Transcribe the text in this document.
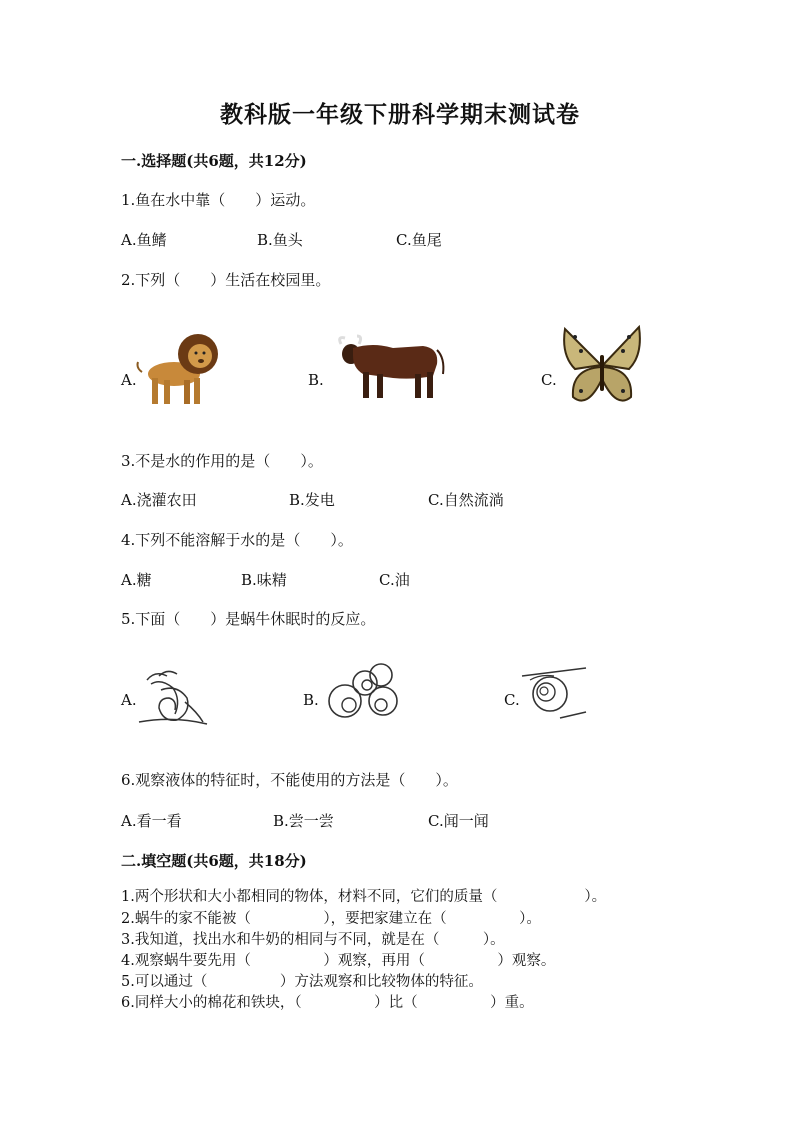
教科版一年级下册科学期末测试卷
一.选择题(共6题，共12分)
1.鱼在水中靠（　　）运动。
A.鱼鳍	B.鱼头	C.鱼尾
2.下列（　　）生活在校园里。
A.	B.	C.
3.不是水的作用的是（　　）。
A.浇灌农田	B.发电	C.自然流淌
4.下列不能溶解于水的是（　　）。
A.糖	B.味精	C.油
5.下面（　　）是蜗牛休眠时的反应。
A.	B.	C.
6.观察液体的特征时，不能使用的方法是（　　）。
A.看一看	B.尝一尝	C.闻一闻
二.填空题(共6题，共18分)
1.两个形状和大小都相同的物体，材料不同，它们的质量（　　　　　　）。
2.蜗牛的家不能被（　　　　　），要把家建立在（　　　　　）。
3.我知道，找出水和牛奶的相同与不同，就是在（　　　）。
4.观察蜗牛要先用（　　　　　）观察，再用（　　　　　）观察。
5.可以通过（　　　　　）方法观察和比较物体的特征。
6.同样大小的棉花和铁块，（　　　　　）比（　　　　　）重。
